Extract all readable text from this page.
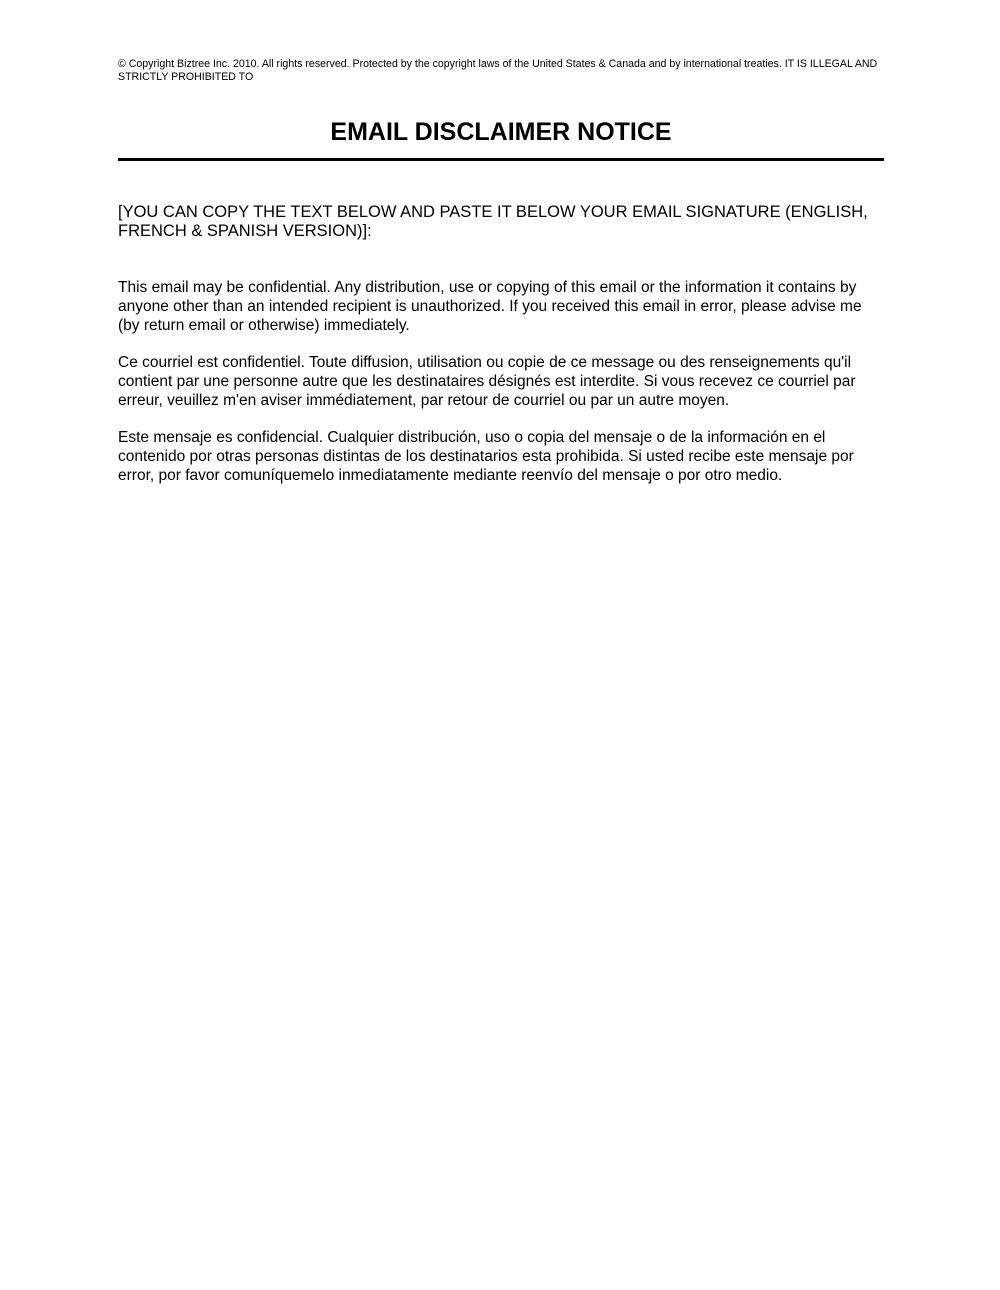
© Copyright Biztree Inc. 2010. All rights reserved. Protected by the copyright laws of the United States & Canada and by international treaties. IT IS ILLEGAL AND STRICTLY PROHIBITED TO
EMAIL DISCLAIMER NOTICE

[YOU CAN COPY THE TEXT BELOW AND PASTE IT BELOW YOUR EMAIL SIGNATURE (ENGLISH, FRENCH & SPANISH VERSION)]:

This email may be confidential. Any distribution, use or copying of this email or the information it contains by anyone other than an intended recipient is unauthorized. If you received this email in error, please advise me (by return email or otherwise) immediately.

Ce courriel est confidentiel. Toute diffusion, utilisation ou copie de ce message ou des renseignements qu'il contient par une personne autre que les destinataires désignés est interdite. Si vous recevez ce courriel par erreur, veuillez m'en aviser immédiatement, par retour de courriel ou par un autre moyen.

Este mensaje es confidencial. Cualquier distribución, uso o copia del mensaje o de la información en el contenido por otras personas distintas de los destinatarios esta prohibida. Si usted recibe este mensaje por error, por favor comuníquemelo inmediatamente mediante reenvío del mensaje o por otro medio.
